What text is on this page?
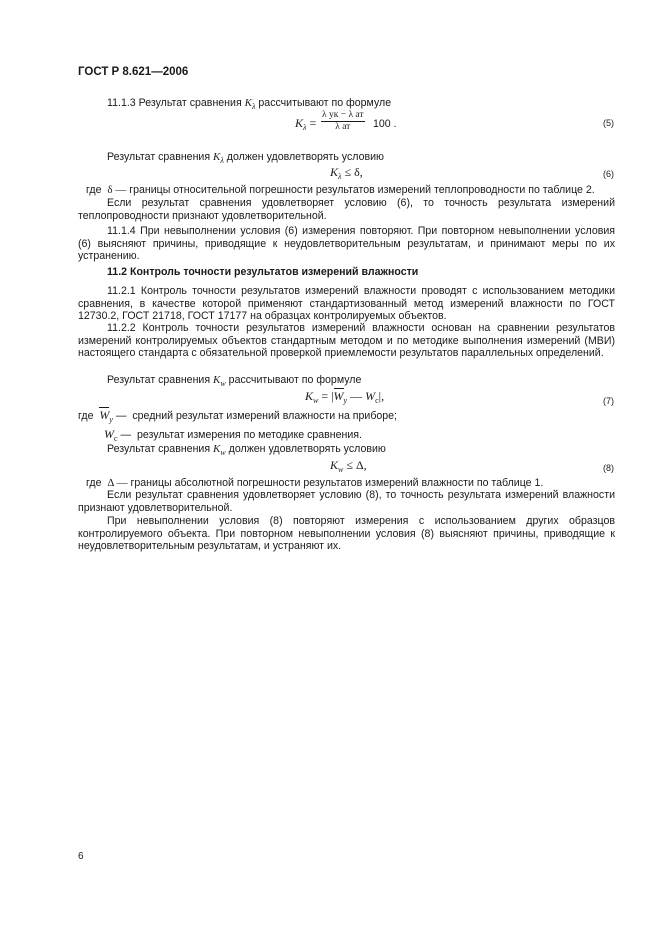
ГОСТ Р 8.621—2006
11.1.3 Результат сравнения $K_\lambda$ рассчитывают по формуле
$K_\lambda$ =
λ ук − λ ат
λ ат	100 .	(5)
Результат сравнения $K_\lambda$ должен удовлетворять условию
$K_\lambda \le \delta$,	(6)
где δ — границы относительной погрешности результатов измерений теплопроводности по таблице 2.
Если результат сравнения удовлетворяет условию (6), то точность результата измерений теплопроводности признают удовлетворительной.
11.1.4 При невыполнении условия (6) измерения повторяют. При повторном невыполнении условия (6) выясняют причины, приводящие к неудовлетворительным результатам, и принимают меры по их устранению.
11.2 Контроль точности результатов измерений влажности
11.2.1 Контроль точности результатов измерений влажности проводят с использованием методики сравнения, в качестве которой применяют стандартизованный метод измерений влажности по ГОСТ 12730.2, ГОСТ 21718, ГОСТ 17177 на образцах контролируемых объектов.
11.2.2 Контроль точности результатов измерений влажности основан на сравнении результатов измерений контролируемых объектов стандартным методом и по методике выполнения измерений (МВИ) настоящего стандарта с обязательной проверкой приемлемости результатов параллельных определений.
Результат сравнения $K_w$ рассчитывают по формуле
$K_w = |W_y$ — $W_c|$,	(7)
где $W_y$ — средний результат измерений влажности на приборе;
$W_c$ — результат измерения по методике сравнения.
Результат сравнения $K_w$ должен удовлетворять условию
$K_w \le \Delta$,	(8)
где Δ — границы абсолютной погрешности результатов измерений влажности по таблице 1.
Если результат сравнения удовлетворяет условию (8), то точность результата измерений влажности признают удовлетворительной.
При невыполнении условия (8) повторяют измерения с использованием других образцов контролируемого объекта. При повторном невыполнении условия (8) выясняют причины, приводящие к неудовлетворительным результатам, и устраняют их.
6
